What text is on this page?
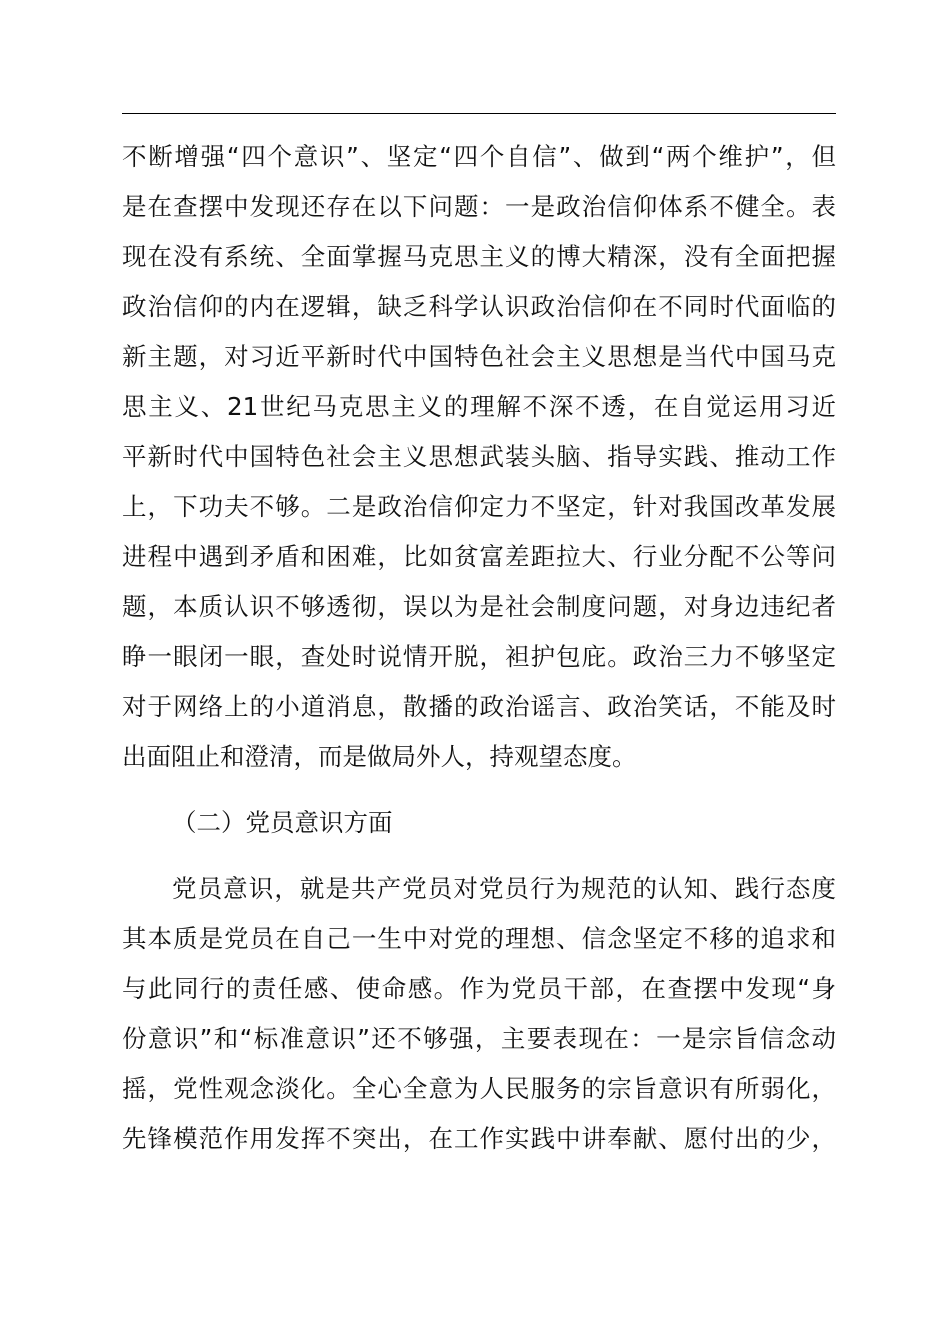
不断增强“四个意识”、坚定“四个自信”、做到“两个维护”，但
是在查摆中发现还存在以下问题：一是政治信仰体系不健全。表
现在没有系统、全面掌握马克思主义的博大精深，没有全面把握
政治信仰的内在逻辑，缺乏科学认识政治信仰在不同时代面临的
新主题，对习近平新时代中国特色社会主义思想是当代中国马克
思主义、21世纪马克思主义的理解不深不透，在自觉运用习近
平新时代中国特色社会主义思想武装头脑、指导实践、推动工作
上，下功夫不够。二是政治信仰定力不坚定，针对我国改革发展
进程中遇到矛盾和困难，比如贫富差距拉大、行业分配不公等问
题，本质认识不够透彻，误以为是社会制度问题，对身边违纪者
睁一眼闭一眼，查处时说情开脱，袒护包庇。政治三力不够坚定
对于网络上的小道消息，散播的政治谣言、政治笑话，不能及时
出面阻止和澄清，而是做局外人，持观望态度。
（二）党员意识方面
党员意识，就是共产党员对党员行为规范的认知、践行态度
其本质是党员在自己一生中对党的理想、信念坚定不移的追求和
与此同行的责任感、使命感。作为党员干部，在查摆中发现“身
份意识”和“标准意识”还不够强，主要表现在：一是宗旨信念动
摇，党性观念淡化。全心全意为人民服务的宗旨意识有所弱化，
先锋模范作用发挥不突出，在工作实践中讲奉献、愿付出的少，
